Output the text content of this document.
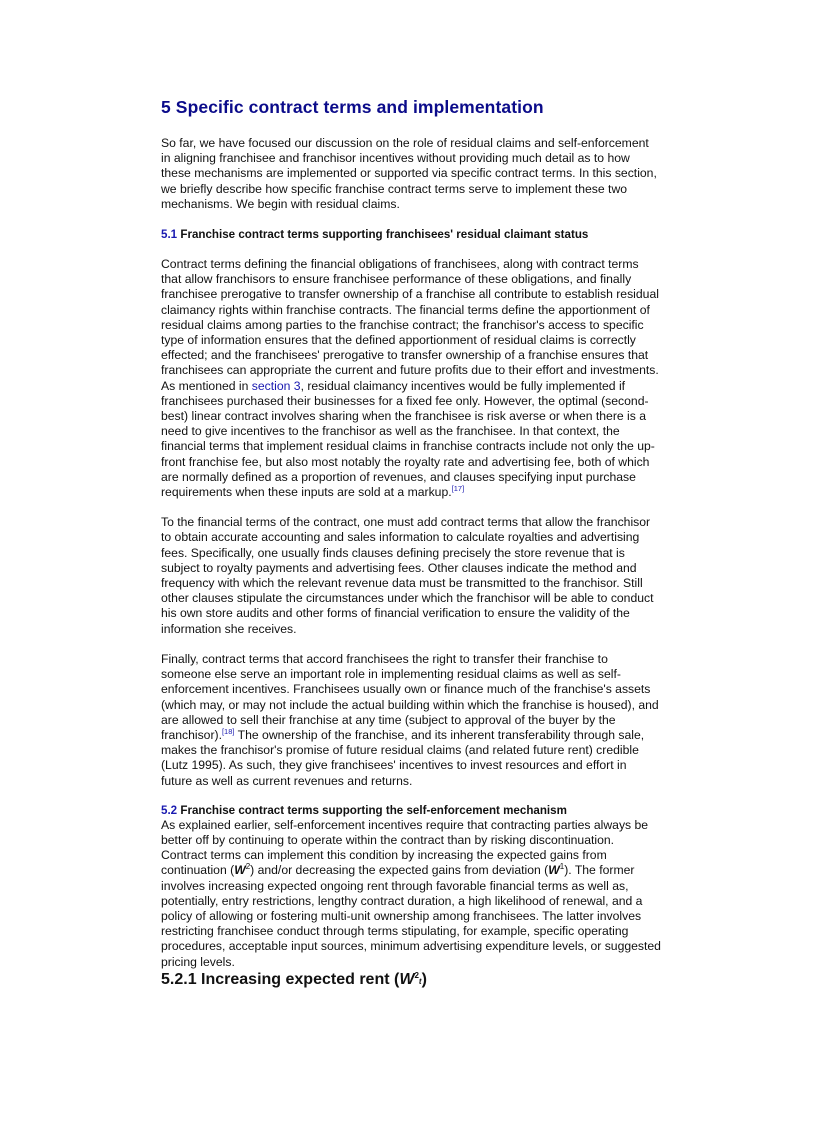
5 Specific contract terms and implementation

So far, we have focused our discussion on the role of residual claims and self-enforcement in aligning franchisee and franchisor incentives without providing much detail as to how these mechanisms are implemented or supported via specific contract terms. In this section, we briefly describe how specific franchise contract terms serve to implement these two mechanisms. We begin with residual claims.

5.1 Franchise contract terms supporting franchisees' residual claimant status

Contract terms defining the financial obligations of franchisees, along with contract terms that allow franchisors to ensure franchisee performance of these obligations, and finally franchisee prerogative to transfer ownership of a franchise all contribute to establish residual claimancy rights within franchise contracts. The financial terms define the apportionment of residual claims among parties to the franchise contract; the franchisor's access to specific type of information ensures that the defined apportionment of residual claims is correctly effected; and the franchisees' prerogative to transfer ownership of a franchise ensures that franchisees can appropriate the current and future profits due to their effort and investments.

As mentioned in section 3, residual claimancy incentives would be fully implemented if franchisees purchased their businesses for a fixed fee only. However, the optimal (second-best) linear contract involves sharing when the franchisee is risk averse or when there is a need to give incentives to the franchisor as well as the franchisee. In that context, the financial terms that implement residual claims in franchise contracts include not only the up-front franchise fee, but also most notably the royalty rate and advertising fee, both of which are normally defined as a proportion of revenues, and clauses specifying input purchase requirements when these inputs are sold at a markup.[17]

To the financial terms of the contract, one must add contract terms that allow the franchisor to obtain accurate accounting and sales information to calculate royalties and advertising fees. Specifically, one usually finds clauses defining precisely the store revenue that is subject to royalty payments and advertising fees. Other clauses indicate the method and frequency with which the relevant revenue data must be transmitted to the franchisor. Still other clauses stipulate the circumstances under which the franchisor will be able to conduct his own store audits and other forms of financial verification to ensure the validity of the information she receives.

Finally, contract terms that accord franchisees the right to transfer their franchise to someone else serve an important role in implementing residual claims as well as self-enforcement incentives. Franchisees usually own or finance much of the franchise's assets (which may, or may not include the actual building within which the franchise is housed), and are allowed to sell their franchise at any time (subject to approval of the buyer by the franchisor).[18] The ownership of the franchise, and its inherent transferability through sale, makes the franchisor's promise of future residual claims (and related future rent) credible (Lutz 1995). As such, they give franchisees' incentives to invest resources and effort in future as well as current revenues and returns.

5.2 Franchise contract terms supporting the self-enforcement mechanism

As explained earlier, self-enforcement incentives require that contracting parties always be better off by continuing to operate within the contract than by risking discontinuation. Contract terms can implement this condition by increasing the expected gains from continuation $(W^2)$ and/or decreasing the expected gains from deviation $(W^1)$. The former involves increasing expected ongoing rent through favorable financial terms as well as, potentially, entry restrictions, lengthy contract duration, a high likelihood of renewal, and a policy of allowing or fostering multi-unit ownership among franchisees. The latter involves restricting franchisee conduct through terms stipulating, for example, specific operating procedures, acceptable input sources, minimum advertising expenditure levels, or suggested pricing levels.

5.2.1 Increasing expected rent $(W^2_t)$
